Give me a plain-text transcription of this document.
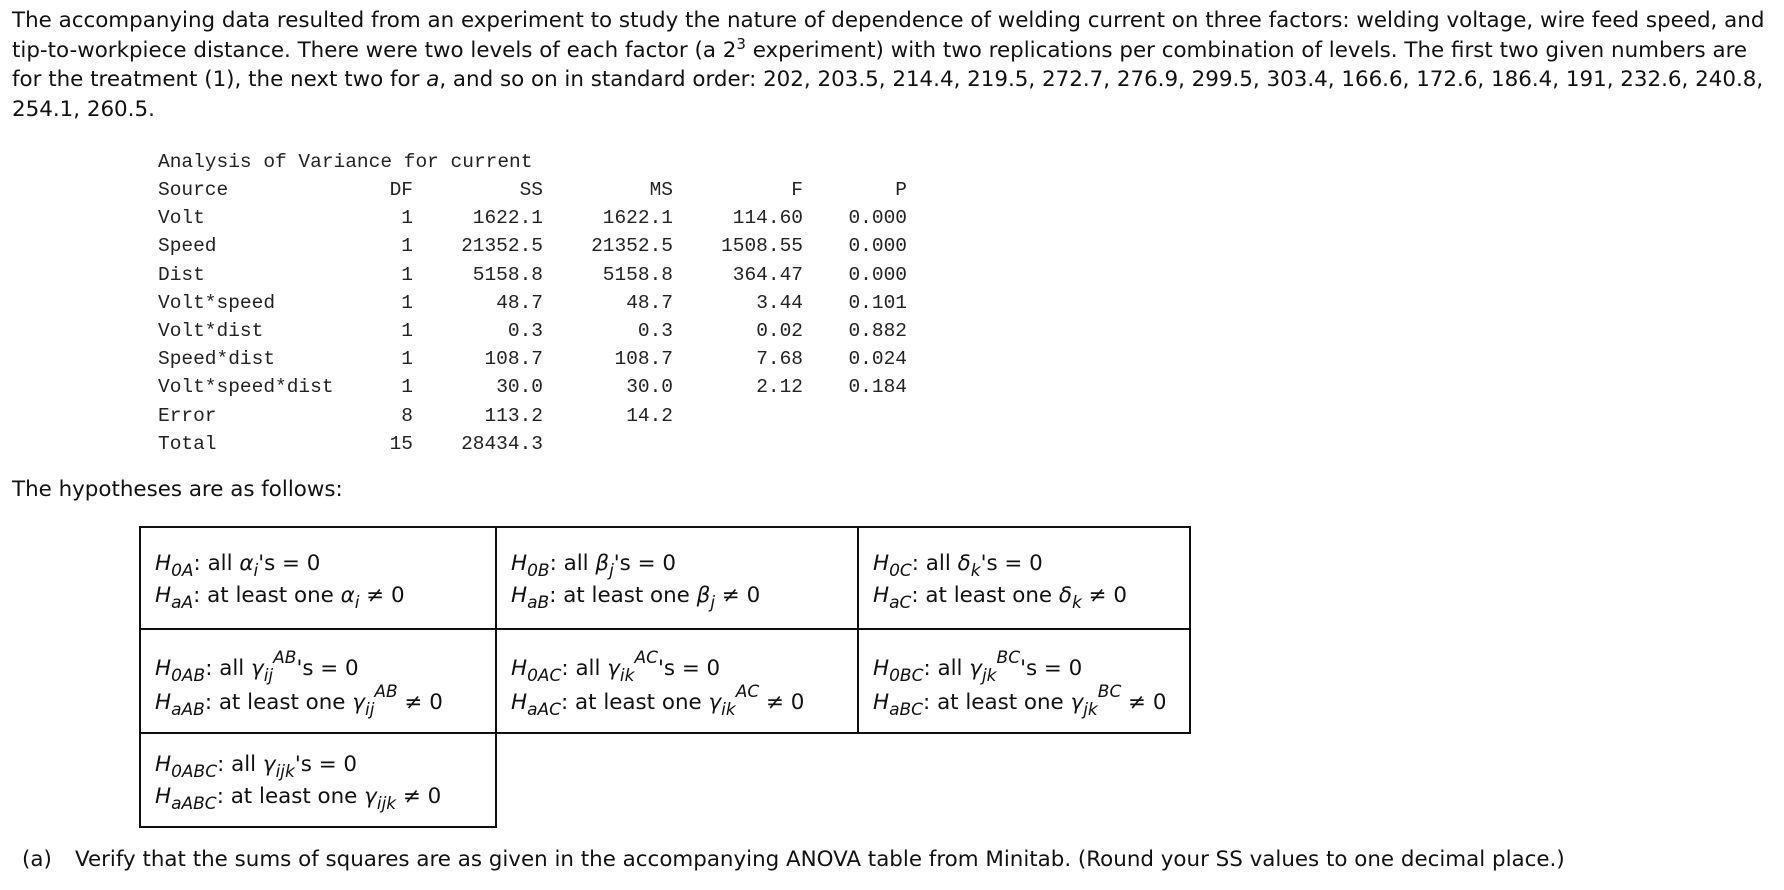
The accompanying data resulted from an experiment to study the nature of dependence of welding current on three factors: welding voltage, wire feed speed, and tip-to-workpiece distance. There were two levels of each factor (a $2^3$ experiment) with two replications per combination of levels. The first two given numbers are for the treatment (1), the next two for a, and so on in standard order: 202, 203.5, 214.4, 219.5, 272.7, 276.9, 299.5, 303.4, 166.6, 172.6, 186.4, 191, 232.6, 240.8, 254.1, 260.5.
Analysis of Variance for current
Source	DF	SS	MS	F	P
Volt	1	1622.1	1622.1	114.60	0.000
Speed	1	21352.5	21352.5	1508.55	0.000
Dist	1	5158.8	5158.8	364.47	0.000
Volt*speed	1	48.7	48.7	3.44	0.101
Volt*dist	1	0.3	0.3	0.02	0.882
Speed*dist	1	108.7	108.7	7.68	0.024
Volt*speed*dist	1	30.0	30.0	2.12	0.184
Error	8	113.2	14.2		
Total	15	28434.3			
The hypotheses are as follows:
$H_{0A}$: all $\alpha_i's = 0$
$H_{aA}$: at least one $\alpha_i \ne 0$
$H_{0B}$: all $\beta_j's = 0$
$H_{aB}$: at least one $\beta_j \ne 0$
$H_{0C}$: all $\delta_k's = 0$
$H_{aC}$: at least one $\delta_k \ne 0$
$H_{0AB}$: all $\gamma_{ij}^{AB}'s = 0$
$H_{aAB}$: at least one $\gamma_{ij}^{AB} \ne 0$
$H_{0AC}$: all $\gamma_{ik}^{AC}'s = 0$
$H_{aAC}$: at least one $\gamma_{ik}^{AC} \ne 0$
$H_{0BC}$: all $\gamma_{jk}^{BC}'s = 0$
$H_{aBC}$: at least one $\gamma_{jk}^{BC} \ne 0$
$H_{0ABC}$: all $\gamma_{ijk}'s = 0$
$H_{aABC}$: at least one $\gamma_{ijk} \ne 0$
(a) Verify that the sums of squares are as given in the accompanying ANOVA table from Minitab. (Round your SS values to one decimal place.)
